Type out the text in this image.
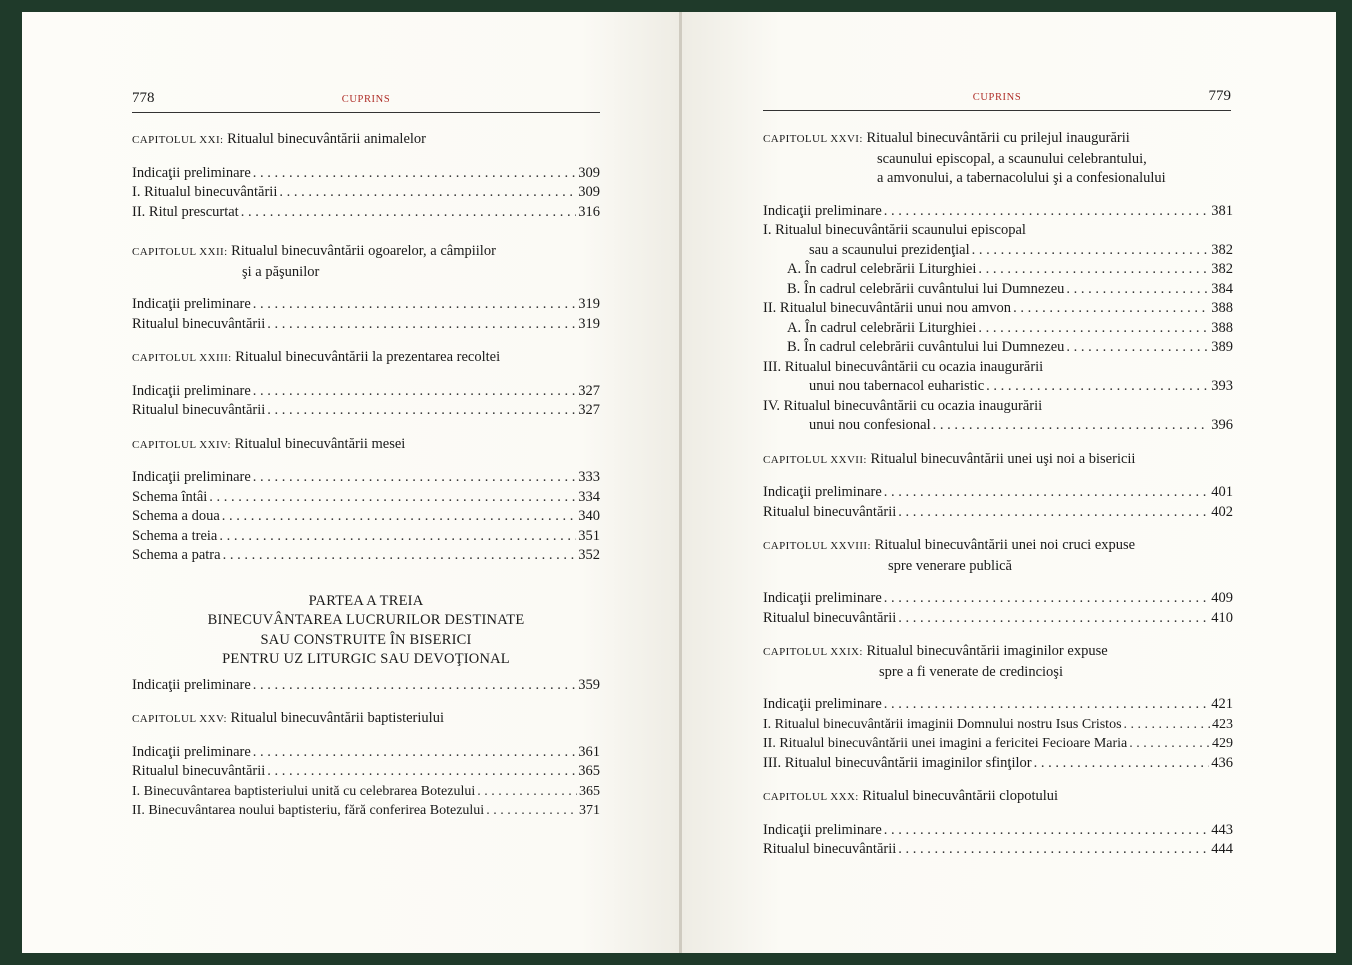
778	CUPRINS
CAPITOLUL XXI: Ritualul binecuvântării animalelor
Indicaţii preliminare . . .	309
I. Ritualul binecuvântării . . .	309
II. Ritul prescurtat . . .	316
CAPITOLUL XXII: Ritualul binecuvântării ogoarelor, a câmpiilor
şi a păşunilor
Indicaţii preliminare . . .	319
Ritualul binecuvântării . . .	319
CAPITOLUL XXIII: Ritualul binecuvântării la prezentarea recoltei
Indicaţii preliminare . . .	327
Ritualul binecuvântării . . .	327
CAPITOLUL XXIV: Ritualul binecuvântării mesei
Indicaţii preliminare . . .	333
Schema întâi . . .	334
Schema a doua . . .	340
Schema a treia . . .	351
Schema a patra . . .	352
PARTEA A TREIA
BINECUVÂNTAREA LUCRURILOR DESTINATE
SAU CONSTRUITE ÎN BISERICI
PENTRU UZ LITURGIC SAU DEVOŢIONAL
Indicaţii preliminare . . .	359
CAPITOLUL XXV: Ritualul binecuvântării baptisteriului
Indicaţii preliminare . . .	361
Ritualul binecuvântării . . .	365
I. Binecuvântarea baptisteriului unită cu celebrarea Botezului . . .	365
II. Binecuvântarea noului baptisteriu, fără conferirea Botezului . . .	371
CUPRINS	779
CAPITOLUL XXVI: Ritualul binecuvântării cu prilejul inaugurării
scaunului episcopal, a scaunului celebrantului,
a amvonului, a tabernacolului şi a confesionalului
Indicaţii preliminare . . .	381
I. Ritualul binecuvântării scaunului episcopal
sau a scaunului prezidenţial . . .	382
A. În cadrul celebrării Liturghiei . . .	382
B. În cadrul celebrării cuvântului lui Dumnezeu . . .	384
II. Ritualul binecuvântării unui nou amvon . . .	388
A. În cadrul celebrării Liturghiei . . .	388
B. În cadrul celebrării cuvântului lui Dumnezeu . . .	389
III. Ritualul binecuvântării cu ocazia inaugurării
unui nou tabernacol euharistic . . .	393
IV. Ritualul binecuvântării cu ocazia inaugurării
unui nou confesional . . .	396
CAPITOLUL XXVII: Ritualul binecuvântării unei uşi noi a bisericii
Indicaţii preliminare . . .	401
Ritualul binecuvântării . . .	402
CAPITOLUL XXVIII: Ritualul binecuvântării unei noi cruci expuse
spre venerare publică
Indicaţii preliminare . . .	409
Ritualul binecuvântării . . .	410
CAPITOLUL XXIX: Ritualul binecuvântării imaginilor expuse
spre a fi venerate de credincioşi
Indicaţii preliminare . . .	421
I. Ritualul binecuvântării imaginii Domnului nostru Isus Cristos . . .	423
II. Ritualul binecuvântării unei imagini a fericitei Fecioare Maria . . .	429
III. Ritualul binecuvântării imaginilor sfinţilor . . .	436
CAPITOLUL XXX: Ritualul binecuvântării clopotului
Indicaţii preliminare . . .	443
Ritualul binecuvântării . . .	444
